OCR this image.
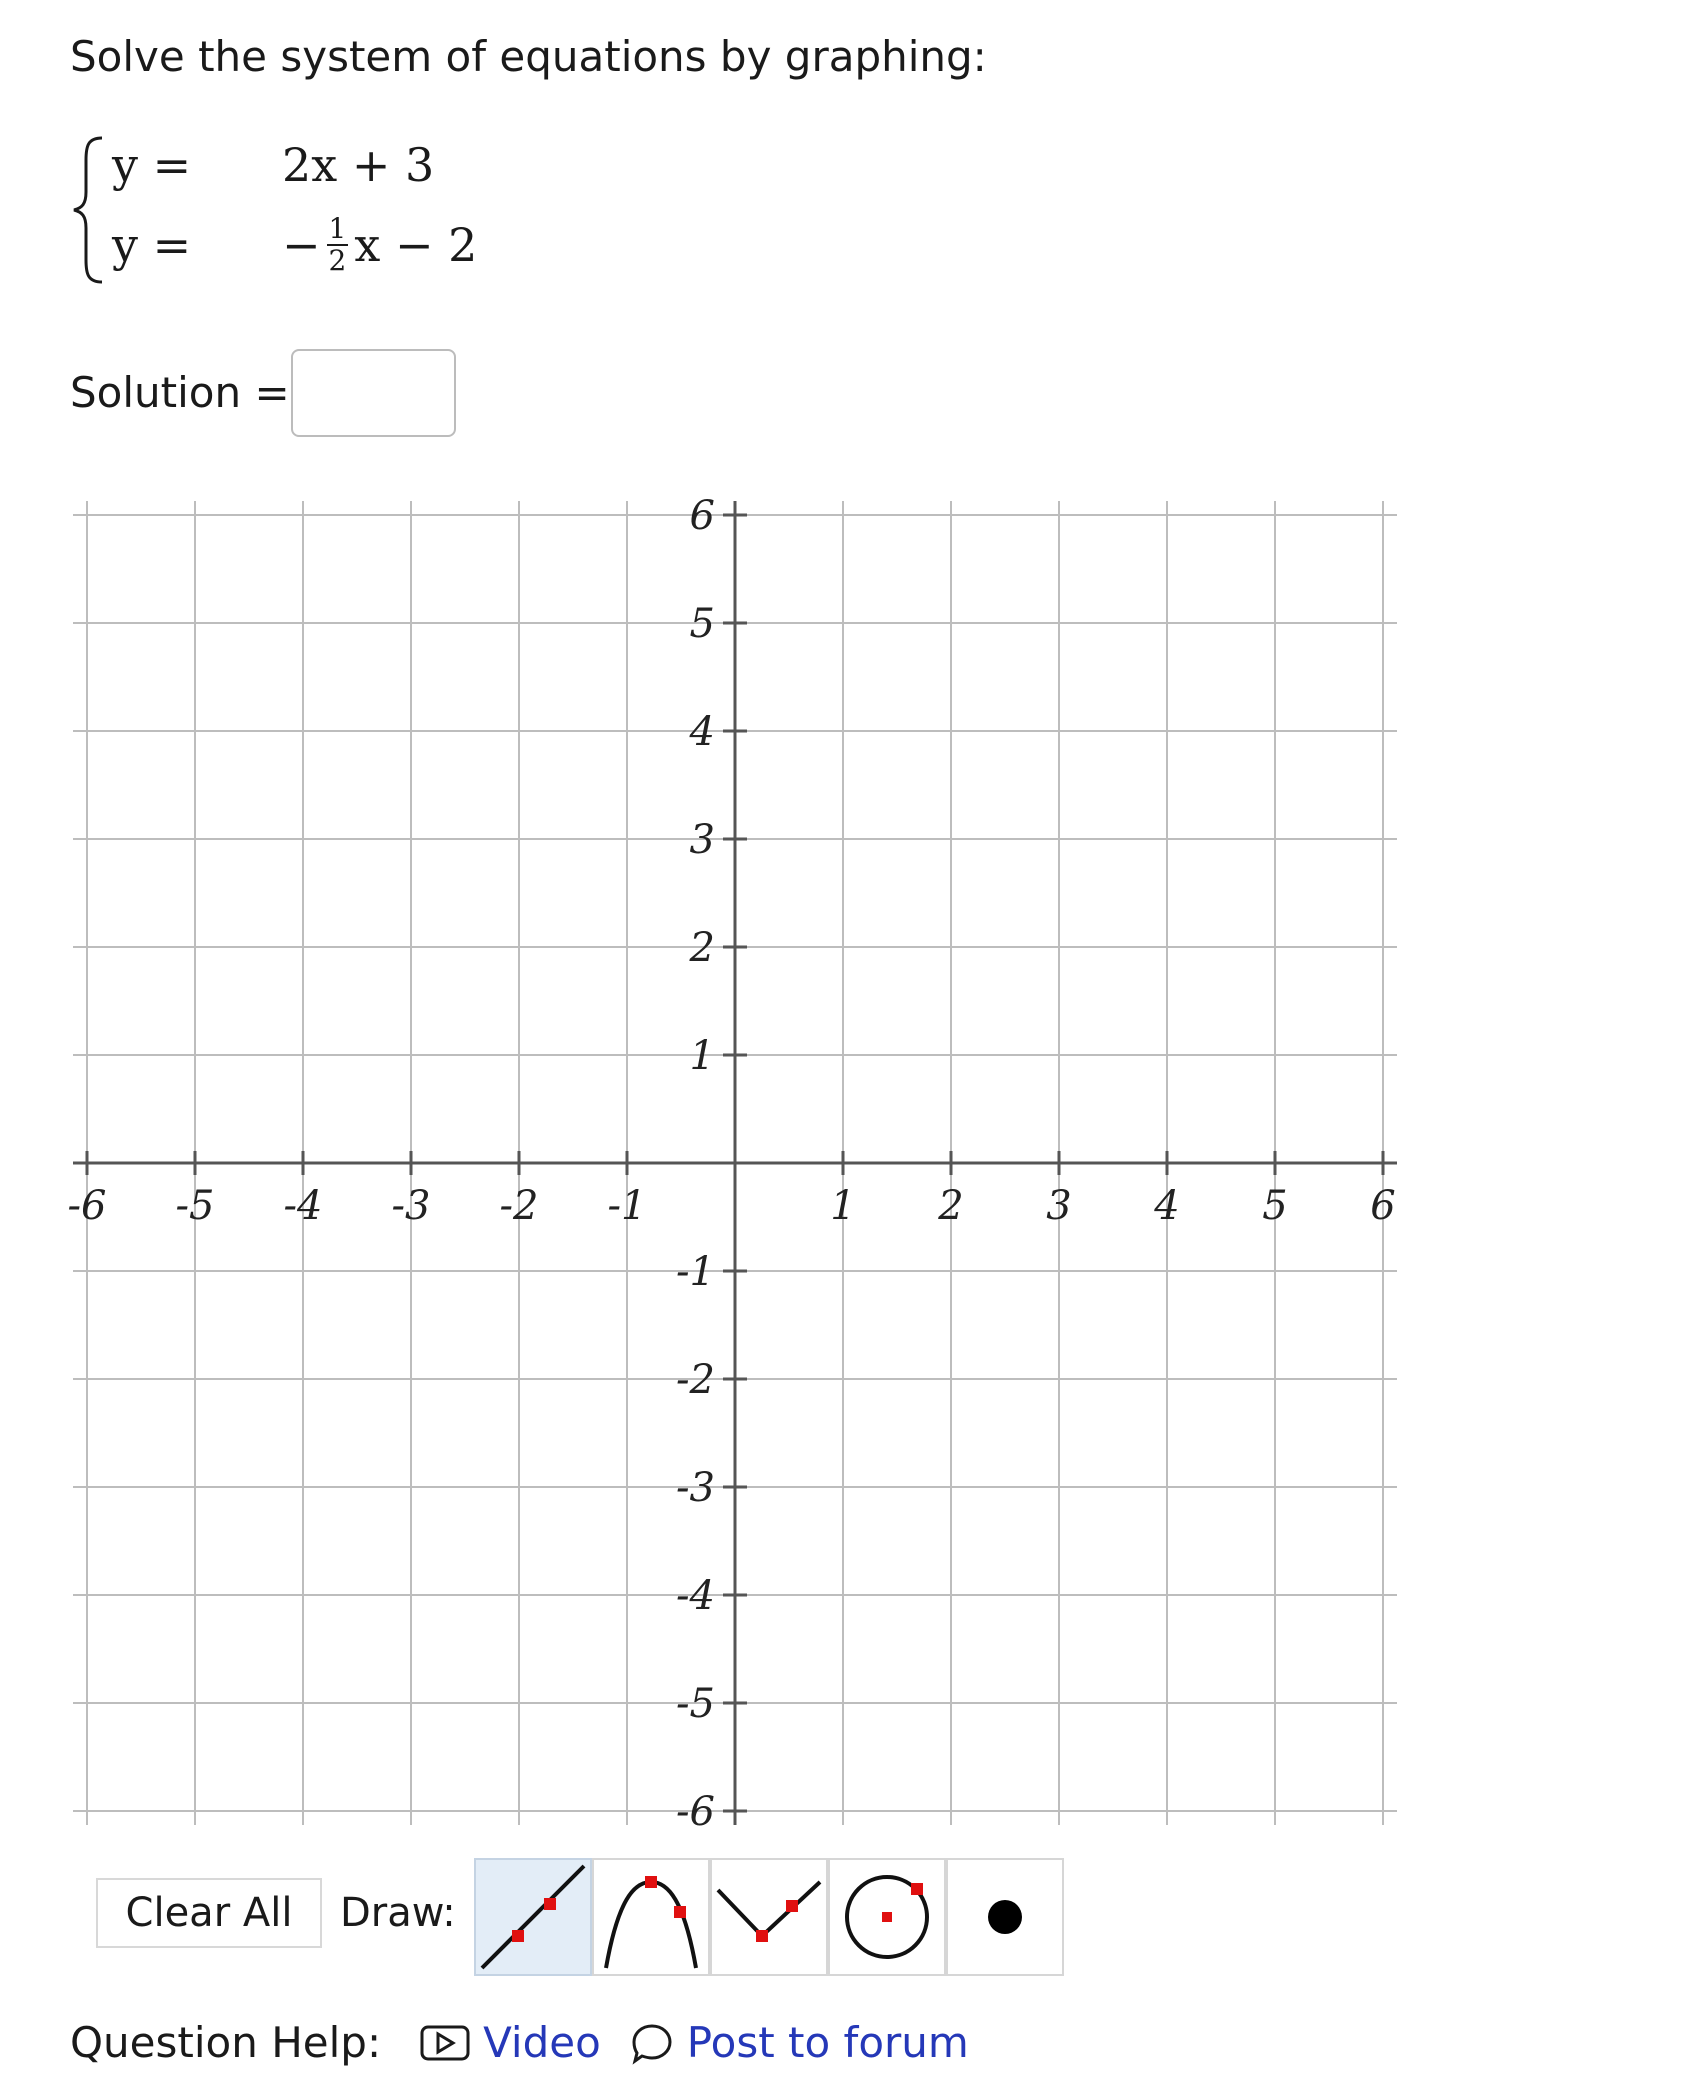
Solve the system of equations by graphing:
y =	2x + 3
y =	− $\frac{1}{2}$ x − 2
Solution =
-6 -5 -4 -3 -2 -1	1 2 3 4 5 6
6
5
4
3
2
1
-1
-2
-3
-4
-5
-6
Clear All	Draw:
Question Help: Video Post to forum
